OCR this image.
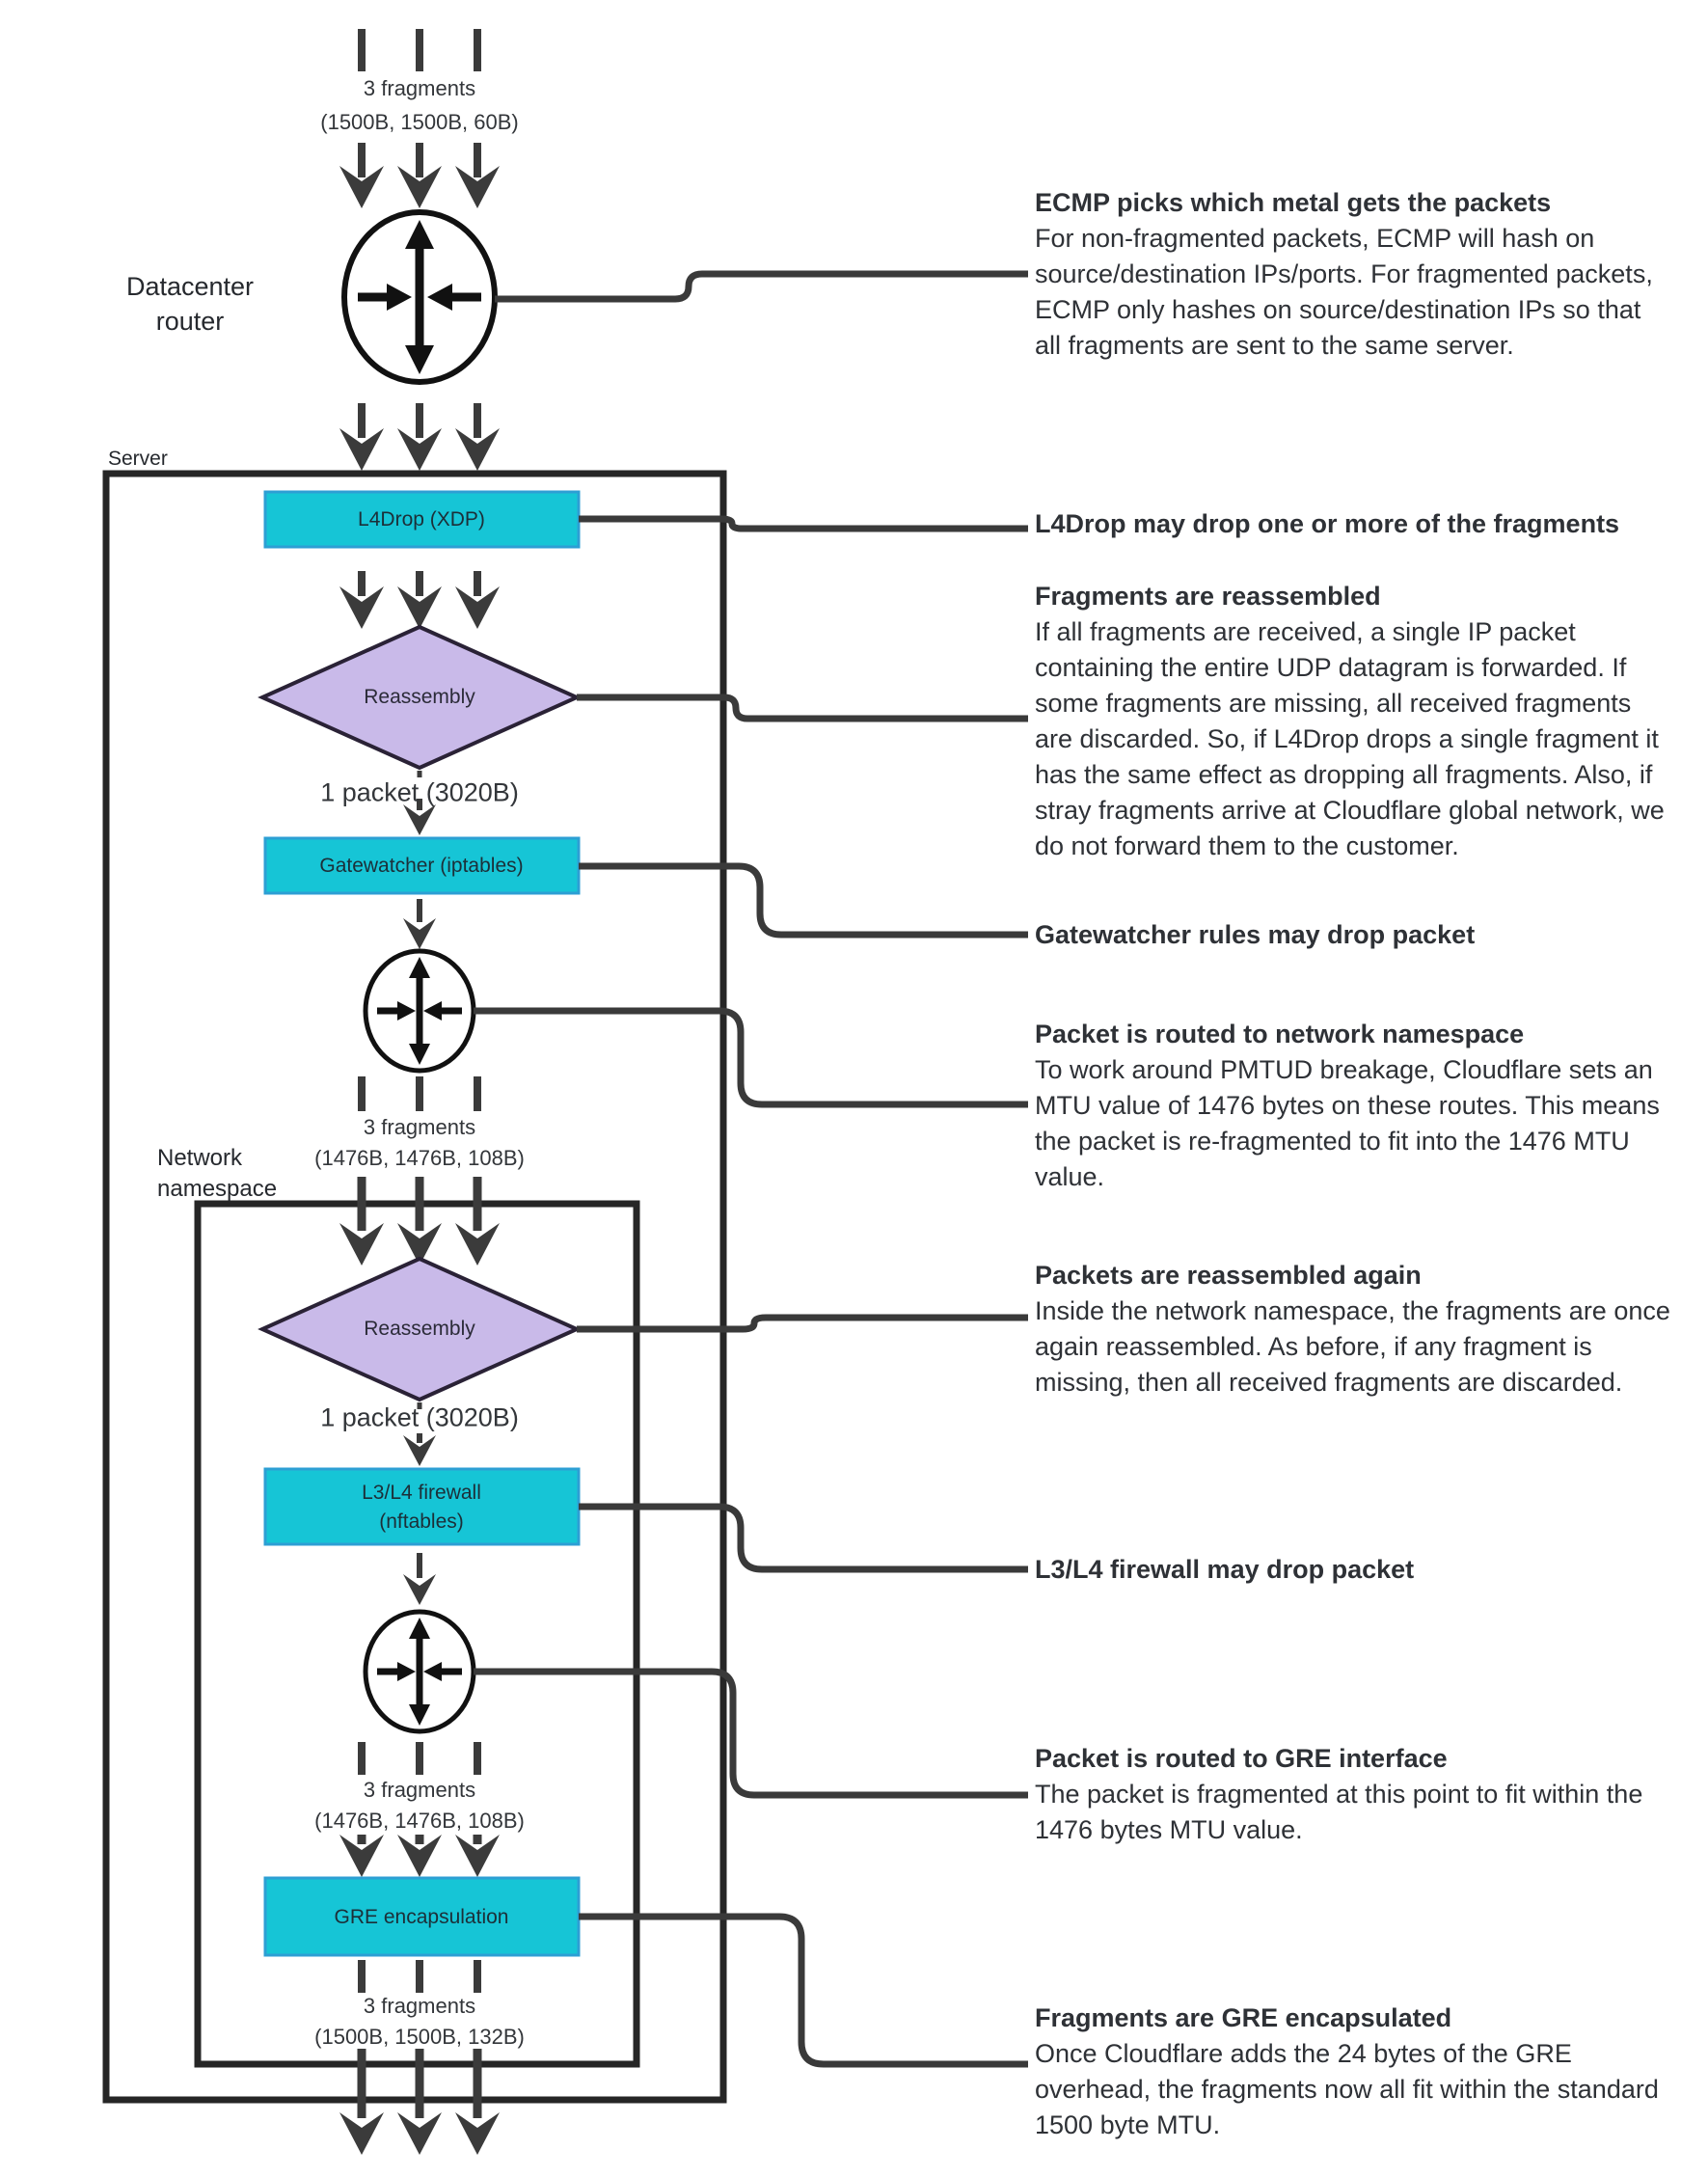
3 fragments
(1500B, 1500B, 60B)
Datacenter
router
Server
L4Drop (XDP)
Reassembly
1 packet (3020B)
Gatewatcher (iptables)
3 fragments
(1476B, 1476B, 108B)
Network
namespace
Reassembly
1 packet (3020B)
L3/L4 firewall
(nftables)
3 fragments
(1476B, 1476B, 108B)
GRE encapsulation
3 fragments
(1500B, 1500B, 132B)
ECMP picks which metal gets the packets
For non-fragmented packets, ECMP will hash on source/destination IPs/ports. For fragmented packets, ECMP only hashes on source/destination IPs so that all fragments are sent to the same server.
L4Drop may drop one or more of the fragments
Fragments are reassembled
If all fragments are received, a single IP packet containing the entire UDP datagram is forwarded. If some fragments are missing, all received fragments are discarded. So, if L4Drop drops a single fragment it has the same effect as dropping all fragments. Also, if stray fragments arrive at Cloudflare global network, we do not forward them to the customer.
Gatewatcher rules may drop packet
Packet is routed to network namespace
To work around PMTUD breakage, Cloudflare sets an MTU value of 1476 bytes on these routes. This means the packet is re-fragmented to fit into the 1476 MTU value.
Packets are reassembled again
Inside the network namespace, the fragments are once again reassembled. As before, if any fragment is missing, then all received fragments are discarded.
L3/L4 firewall may drop packet
Packet is routed to GRE interface
The packet is fragmented at this point to fit within the 1476 bytes MTU value.
Fragments are GRE encapsulated
Once Cloudflare adds the 24 bytes of the GRE overhead, the fragments now all fit within the standard 1500 byte MTU.
